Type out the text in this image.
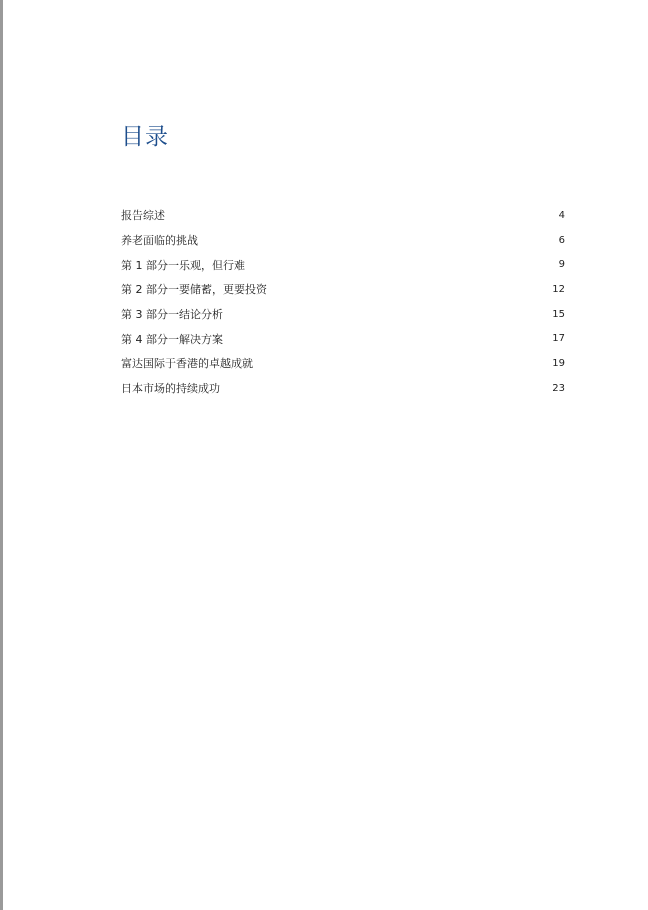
目录
报告综述	4
养老面临的挑战	6
第 1 部分一乐观，但行难	9
第 2 部分一要储蓄，更要投资	12
第 3 部分一结论分析	15
第 4 部分一解决方案	17
富达国际于香港的卓越成就	19
日本市场的持续成功	23
